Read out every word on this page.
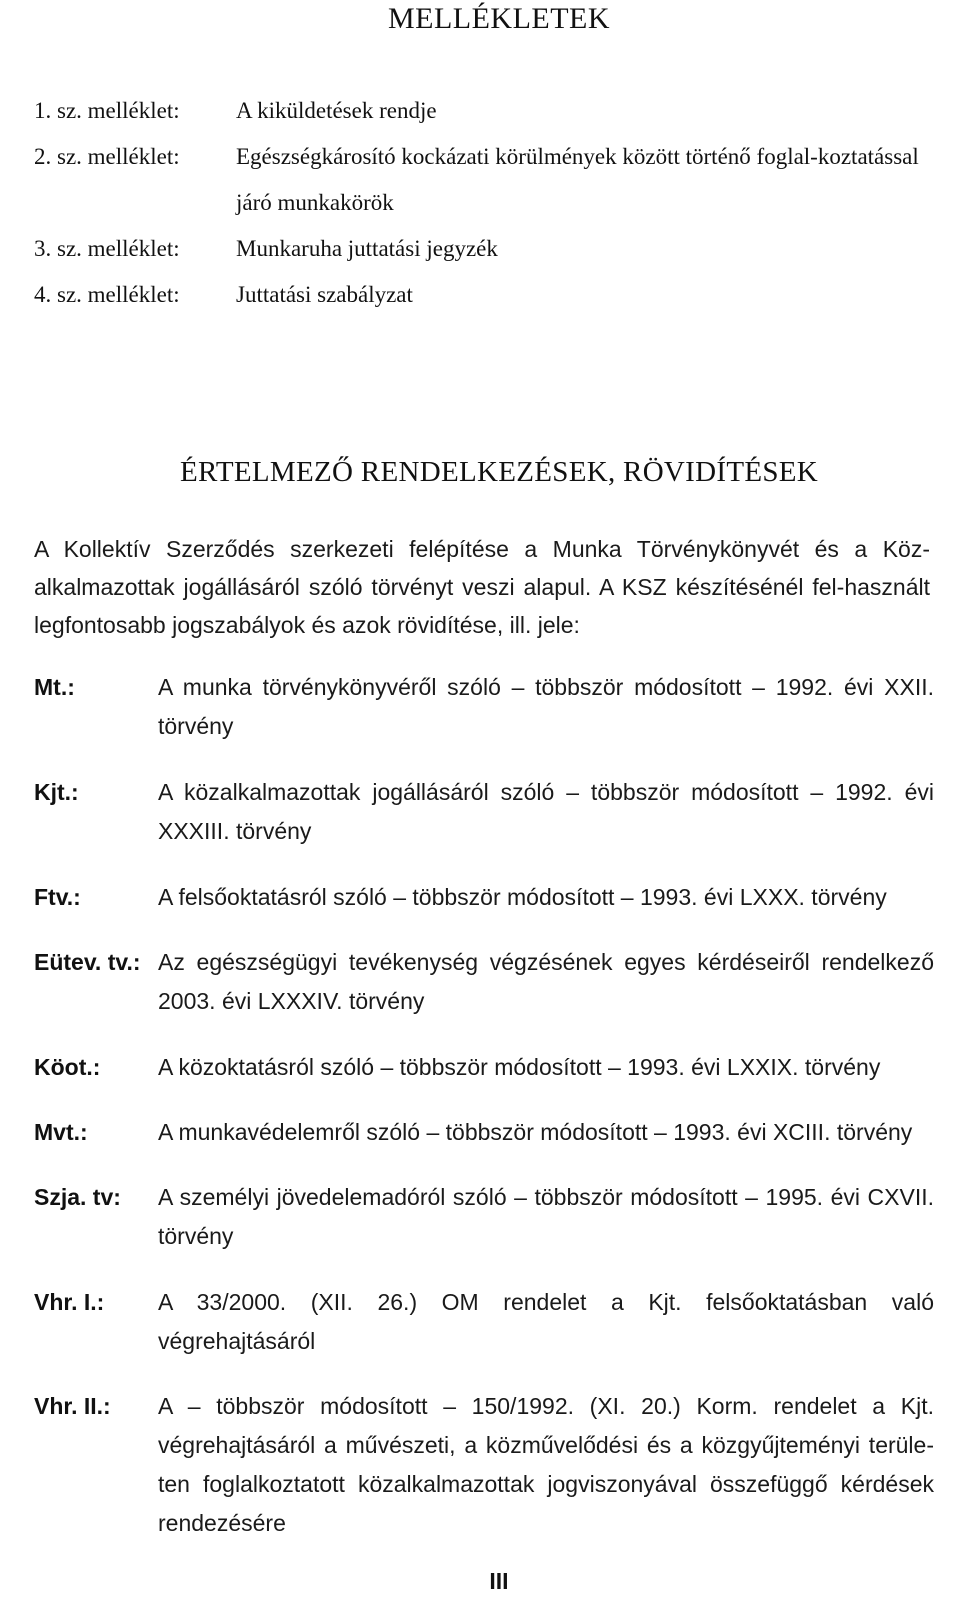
MELLÉKLETEK
1. sz. melléklet:	A kiküldetések rendje
2. sz. melléklet:	Egészségkárosító kockázati körülmények között történő foglal-koztatással járó munkakörök
3. sz. melléklet:	Munkaruha juttatási jegyzék
4. sz. melléklet:	Juttatási szabályzat
ÉRTELMEZŐ RENDELKEZÉSEK, RÖVIDÍTÉSEK
A Kollektív Szerződés szerkezeti felépítése a Munka Törvénykönyvét és a Köz-alkalmazottak jogállásáról szóló törvényt veszi alapul. A KSZ készítésénél fel-használt legfontosabb jogszabályok és azok rövidítése, ill. jele:
Mt.:	A munka törvénykönyvéről szóló – többször módosított – 1992. évi XXII. törvény
Kjt.:	A közalkalmazottak jogállásáról szóló – többször módosított – 1992. évi XXXIII. törvény
Ftv.:	A felsőoktatásról szóló – többször módosított – 1993. évi LXXX. törvény
Eütev. tv.: Az egészségügyi tevékenység végzésének egyes kérdéseiről rendelkező 2003. évi LXXXIV. törvény
Köot.:	A közoktatásról szóló – többször módosított – 1993. évi LXXIX. törvény
Mvt.:	A munkavédelemről szóló – többször módosított – 1993. évi XCIII. törvény
Szja. tv:	A személyi jövedelemadóról szóló – többször módosított – 1995. évi CXVII. törvény
Vhr. I.:	A 33/2000. (XII. 26.) OM rendelet a Kjt. felsőoktatásban való végrehajtásáról
Vhr. II.:	A – többször módosított – 150/1992. (XI. 20.) Korm. rendelet a Kjt. végrehajtásáról a művészeti, a közművelődési és a közgyűjteményi terüle-ten foglalkoztatott közalkalmazottak jogviszonyával összefüggő kérdések rendezésére
III
